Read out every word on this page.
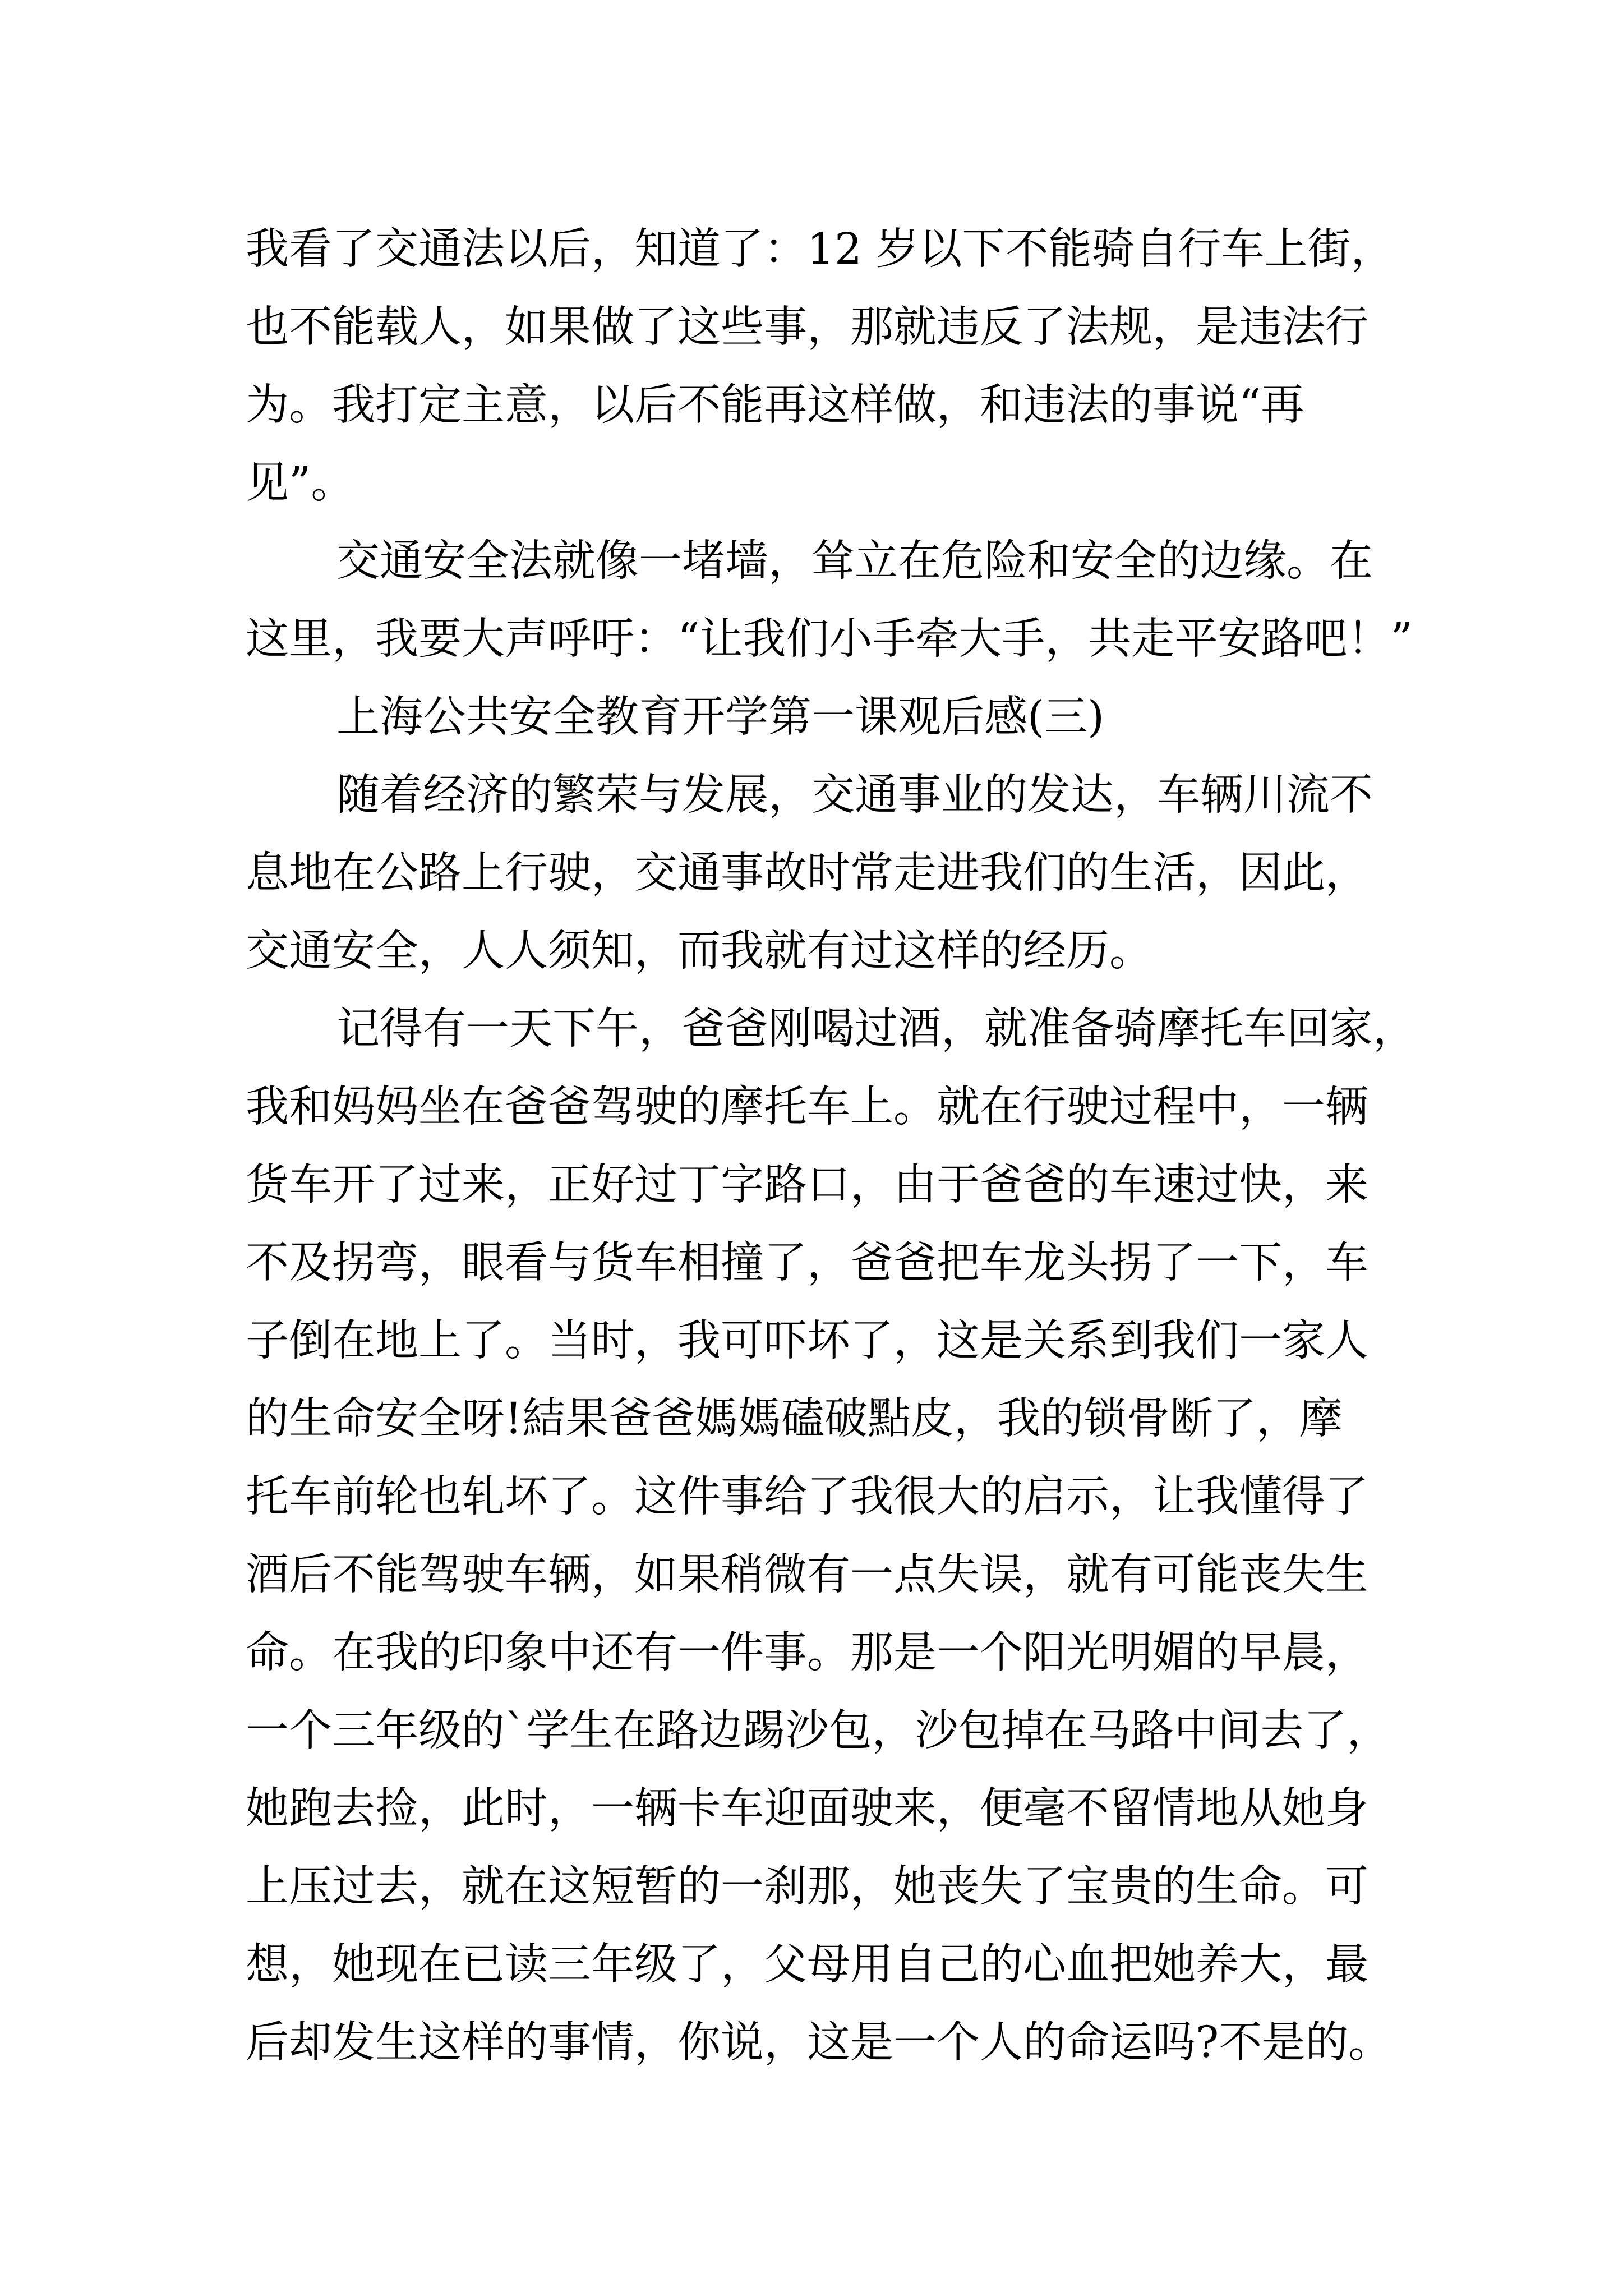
我看了交通法以后，知道了：12 岁以下不能骑自行车上街，
也不能载人，如果做了这些事，那就违反了法规，是违法行
为。我打定主意，以后不能再这样做，和违法的事说“再
见”。
交通安全法就像一堵墙，耸立在危险和安全的边缘。在
这里，我要大声呼吁：“让我们小手牵大手，共走平安路吧！”
上海公共安全教育开学第一课观后感(三)
随着经济的繁荣与发展，交通事业的发达，车辆川流不
息地在公路上行驶，交通事故时常走进我们的生活，因此，
交通安全，人人须知，而我就有过这样的经历。
记得有一天下午，爸爸刚喝过酒，就准备骑摩托车回家，
我和妈妈坐在爸爸驾驶的摩托车上。就在行驶过程中，一辆
货车开了过来，正好过丁字路口，由于爸爸的车速过快，来
不及拐弯，眼看与货车相撞了，爸爸把车龙头拐了一下，车
子倒在地上了。当时，我可吓坏了，这是关系到我们一家人
的生命安全呀!結果爸爸媽媽磕破點皮，我的锁骨断了，摩
托车前轮也轧坏了。这件事给了我很大的启示，让我懂得了
酒后不能驾驶车辆，如果稍微有一点失误，就有可能丧失生
命。在我的印象中还有一件事。那是一个阳光明媚的早晨，
一个三年级的`学生在路边踢沙包，沙包掉在马路中间去了，
她跑去捡，此时，一辆卡车迎面驶来，便毫不留情地从她身
上压过去，就在这短暂的一刹那，她丧失了宝贵的生命。可
想，她现在已读三年级了，父母用自己的心血把她养大，最
后却发生这样的事情，你说，这是一个人的命运吗?不是的。
